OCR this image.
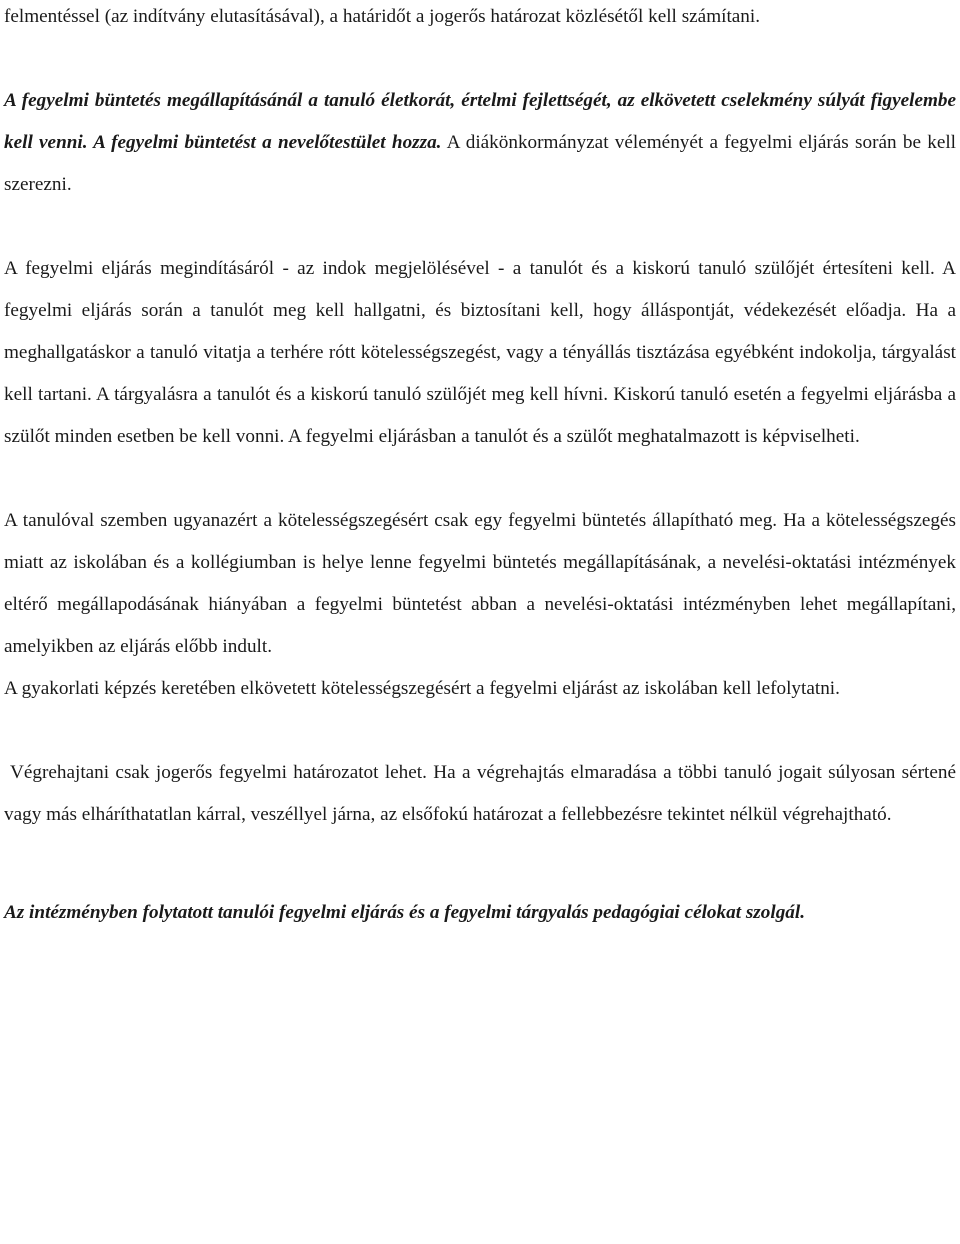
felmentéssel (az indítvány elutasításával), a határidőt a jogerős határozat közlésétől kell számítani.

A fegyelmi büntetés megállapításánál a tanuló életkorát, értelmi fejlettségét, az elkövetett cselekmény súlyát figyelembe kell venni. A fegyelmi büntetést a nevelőtestület hozza. A diákönkormányzat véleményét a fegyelmi eljárás során be kell szerezni.

A fegyelmi eljárás megindításáról - az indok megjelölésével - a tanulót és a kiskorú tanuló szülőjét értesíteni kell. A fegyelmi eljárás során a tanulót meg kell hallgatni, és biztosítani kell, hogy álláspontját, védekezését előadja. Ha a meghallgatáskor a tanuló vitatja a terhére rótt kötelességszegést, vagy a tényállás tisztázása egyébként indokolja, tárgyalást kell tartani. A tárgyalásra a tanulót és a kiskorú tanuló szülőjét meg kell hívni. Kiskorú tanuló esetén a fegyelmi eljárásba a szülőt minden esetben be kell vonni. A fegyelmi eljárásban a tanulót és a szülőt meghatalmazott is képviselheti.

A tanulóval szemben ugyanazért a kötelességszegésért csak egy fegyelmi büntetés állapítható meg. Ha a kötelességszegés miatt az iskolában és a kollégiumban is helye lenne fegyelmi büntetés megállapításának, a nevelési-oktatási intézmények eltérő megállapodásának hiányában a fegyelmi büntetést abban a nevelési-oktatási intézményben lehet megállapítani, amelyikben az eljárás előbb indult.

A gyakorlati képzés keretében elkövetett kötelességszegésért a fegyelmi eljárást az iskolában kell lefolytatni.

Végrehajtani csak jogerős fegyelmi határozatot lehet. Ha a végrehajtás elmaradása a többi tanuló jogait súlyosan sértené vagy más elháríthatatlan kárral, veszéllyel járna, az elsőfokú határozat a fellebbezésre tekintet nélkül végrehajtható.

Az intézményben folytatott tanulói fegyelmi eljárás és a fegyelmi tárgyalás pedagógiai célokat szolgál.
